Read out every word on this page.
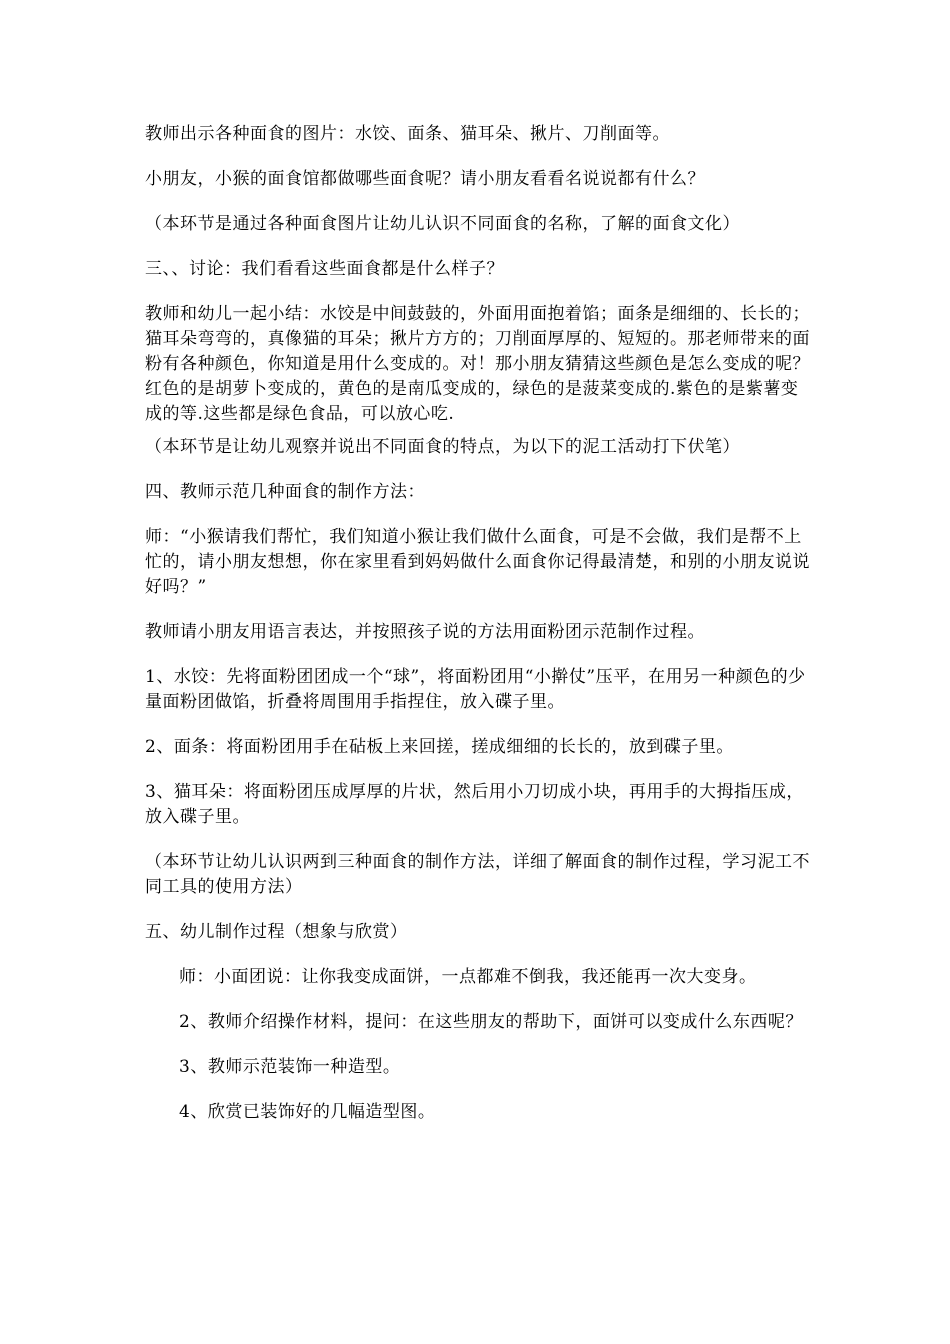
教师出示各种面食的图片：水饺、面条、猫耳朵、揪片、刀削面等。

小朋友，小猴的面食馆都做哪些面食呢？请小朋友看看名说说都有什么？

（本环节是通过各种面食图片让幼儿认识不同面食的名称，了解的面食文化）

三、、讨论：我们看看这些面食都是什么样子？

教师和幼儿一起小结：水饺是中间鼓鼓的，外面用面抱着馅；面条是细细的、长长的；猫耳朵弯弯的，真像猫的耳朵；揪片方方的；刀削面厚厚的、短短的。那老师带来的面粉有各种颜色，你知道是用什么变成的。对！那小朋友猜猜这些颜色是怎么变成的呢？红色的是胡萝卜变成的，黄色的是南瓜变成的，绿色的是菠菜变成的.紫色的是紫薯变成的等.这些都是绿色食品，可以放心吃.

（本环节是让幼儿观察并说出不同面食的特点，为以下的泥工活动打下伏笔）

四、教师示范几种面食的制作方法：

师：“小猴请我们帮忙，我们知道小猴让我们做什么面食，可是不会做，我们是帮不上忙的，请小朋友想想，你在家里看到妈妈做什么面食你记得最清楚，和别的小朋友说说好吗？”

教师请小朋友用语言表达，并按照孩子说的方法用面粉团示范制作过程。

1、水饺：先将面粉团团成一个“球”，将面粉团用“小擀仗”压平，在用另一种颜色的少量面粉团做馅，折叠将周围用手指捏住，放入碟子里。

2、面条：将面粉团用手在砧板上来回搓，搓成细细的长长的，放到碟子里。

3、猫耳朵：将面粉团压成厚厚的片状，然后用小刀切成小块，再用手的大拇指压成，放入碟子里。

（本环节让幼儿认识两到三种面食的制作方法，详细了解面食的制作过程，学习泥工不同工具的使用方法）

五、幼儿制作过程（想象与欣赏）

师：小面团说：让你我变成面饼，一点都难不倒我，我还能再一次大变身。

2、教师介绍操作材料，提问：在这些朋友的帮助下，面饼可以变成什么东西呢？

3、教师示范装饰一种造型。

4、欣赏已装饰好的几幅造型图。
